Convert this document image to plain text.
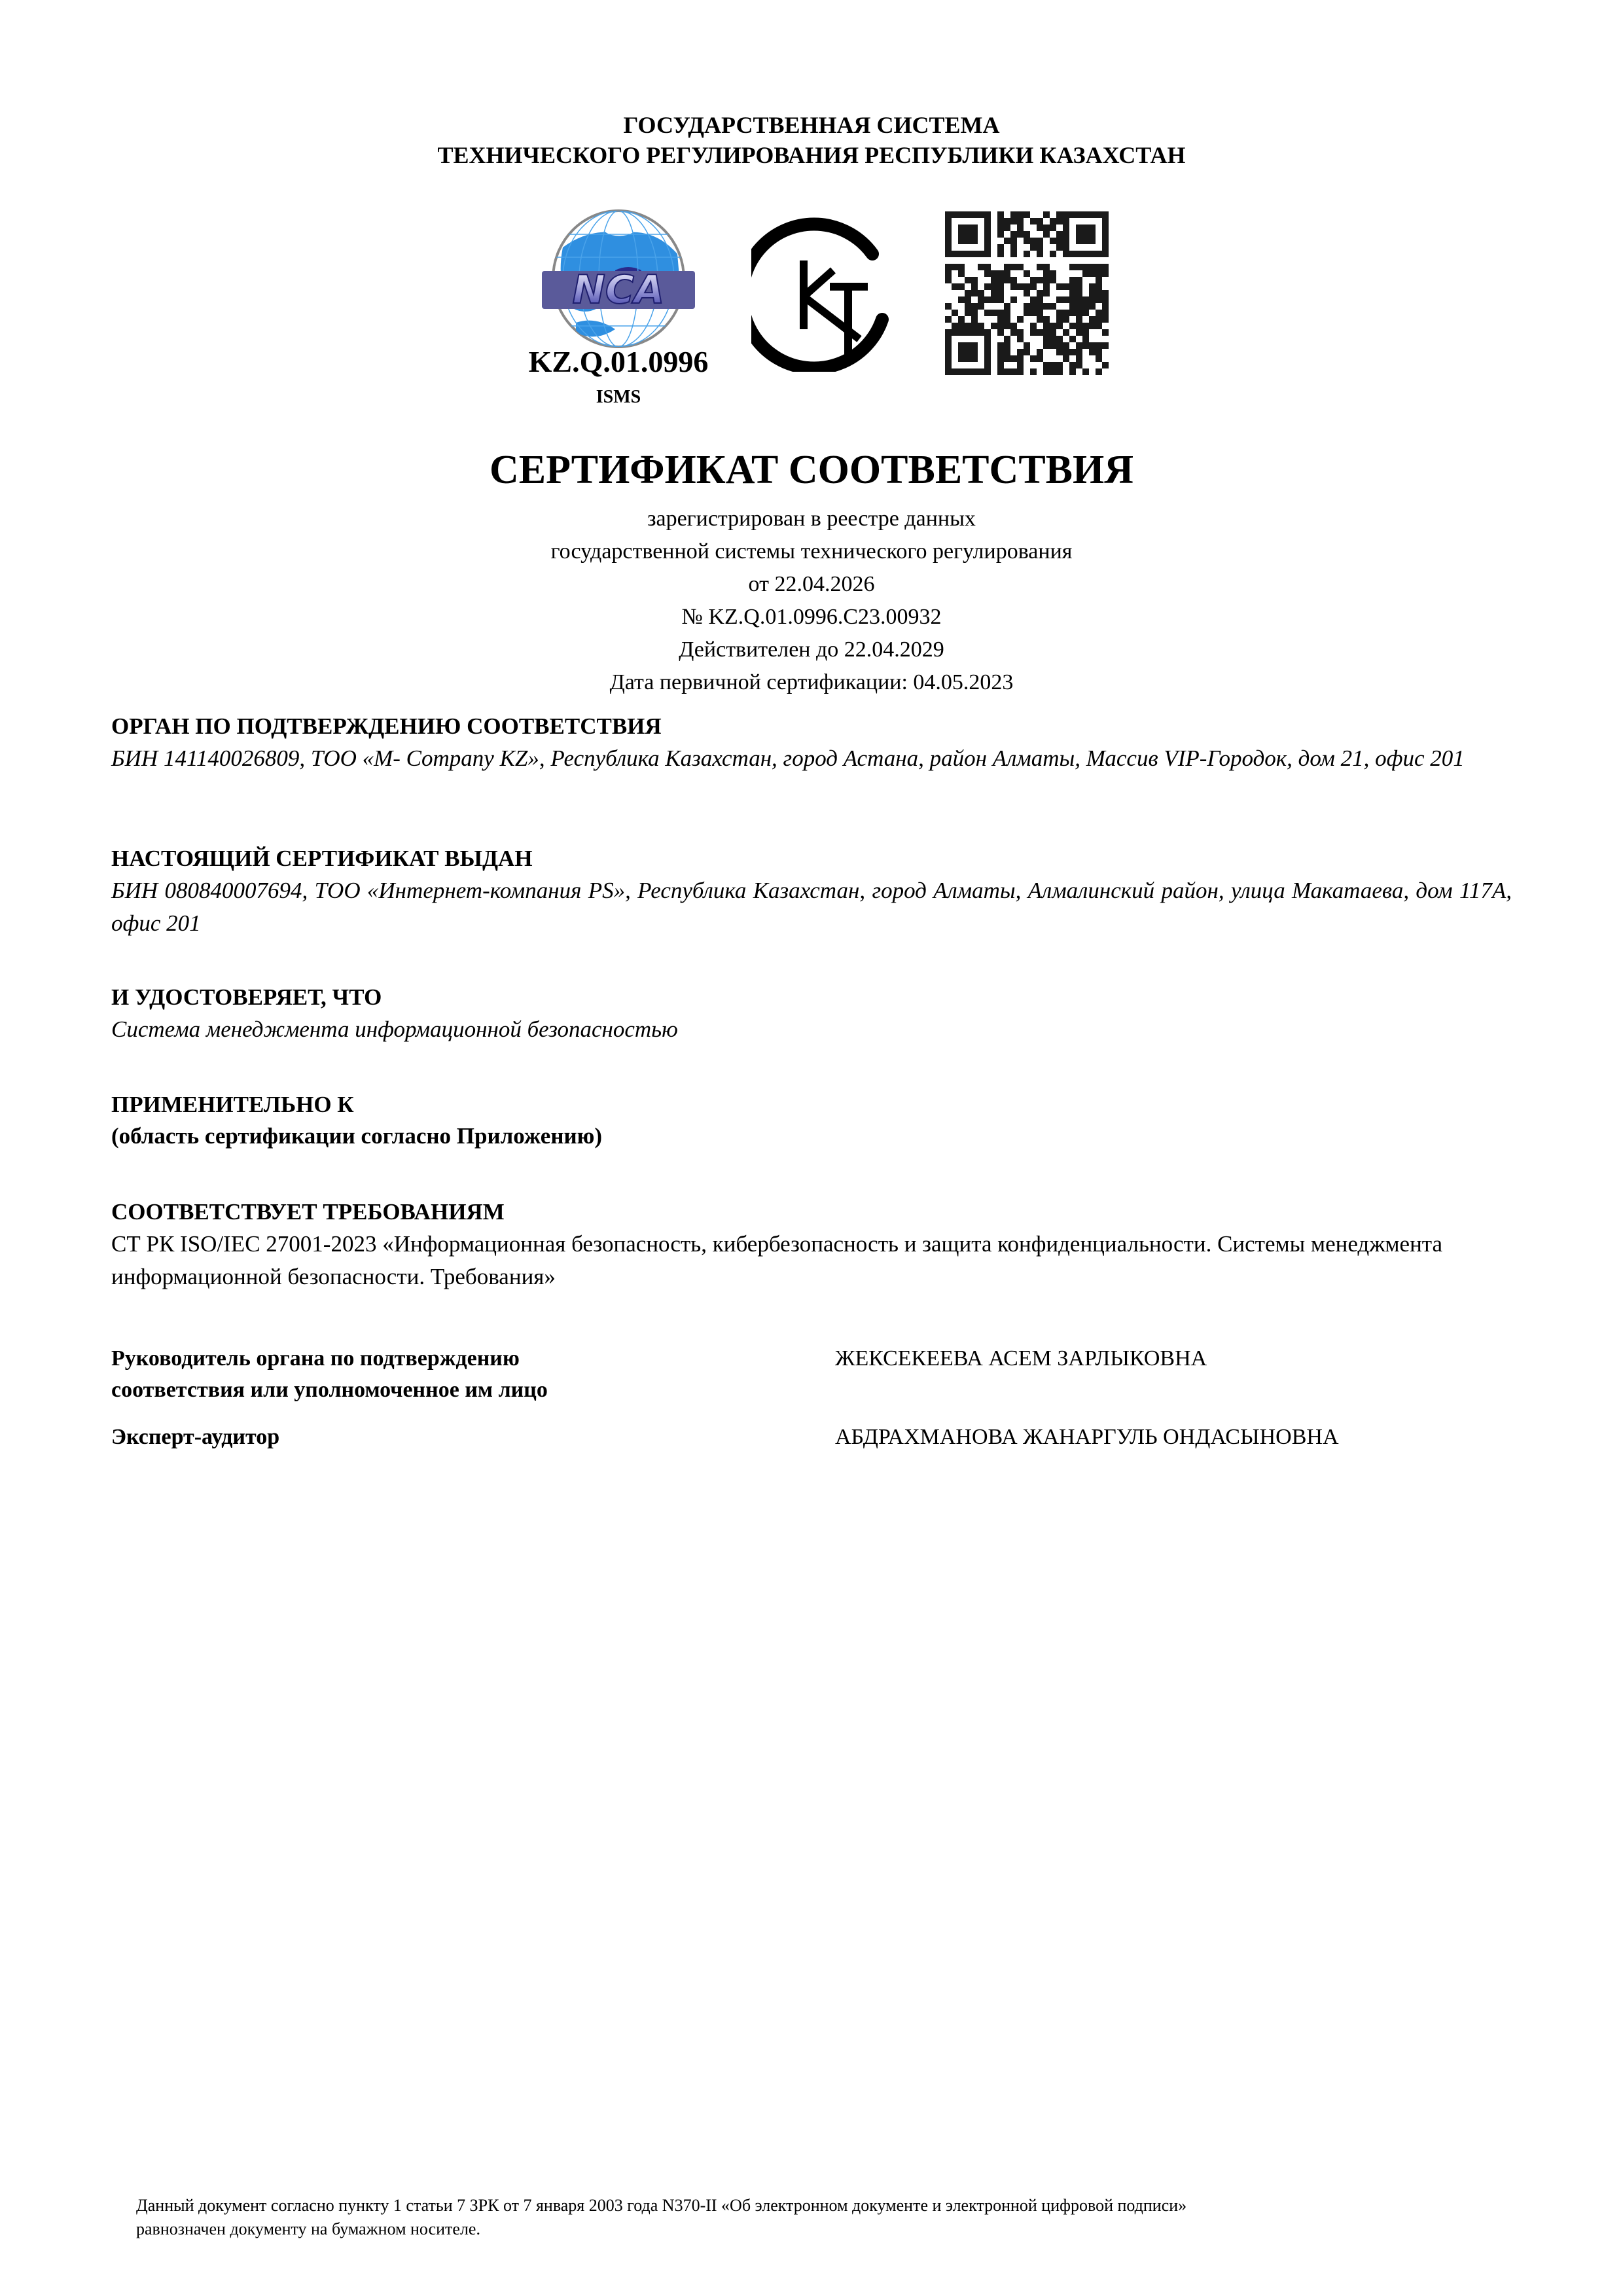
ГОСУДАРСТВЕННАЯ СИСТЕМА
ТЕХНИЧЕСКОГО РЕГУЛИРОВАНИЯ РЕСПУБЛИКИ КАЗАХСТАН
NCA
KZ.Q.01.0996
ISMS
СЕРТИФИКАТ СООТВЕТСТВИЯ
зарегистрирован в реестре данных
государственной системы технического регулирования
от 22.04.2026
№ KZ.Q.01.0996.С23.00932
Действителен до 22.04.2029
Дата первичной сертификации: 04.05.2023
ОРГАН ПО ПОДТВЕРЖДЕНИЮ СООТВЕТСТВИЯ
БИН 141140026809, ТОО «M- Company KZ», Республика Казахстан, город Астана, район Алматы, Массив VIP-Городок, дом 21, офис 201
НАСТОЯЩИЙ СЕРТИФИКАТ ВЫДАН
БИН 080840007694, ТОО «Интернет-компания PS», Республика Казахстан, город Алматы, Алмалинский район, улица Макатаева, дом 117А, офис 201
И УДОСТОВЕРЯЕТ, ЧТО
Система менеджмента информационной безопасностью
ПРИМЕНИТЕЛЬНО К
(область сертификации согласно Приложению)
СООТВЕТСТВУЕТ ТРЕБОВАНИЯМ
СТ РК ISO/IEC 27001-2023 «Информационная безопасность, кибербезопасность и защита конфиденциальности. Системы менеджмента информационной безопасности. Требования»
Руководитель органа по подтверждению
соответствия или уполномоченное им лицо
ЖЕКСЕКЕЕВА АСЕМ ЗАРЛЫКОВНА
Эксперт-аудитор	АБДРАХМАНОВА ЖАНАРГУЛЬ ОНДАСЫНОВНА
Данный документ согласно пункту 1 статьи 7 ЗРК от 7 января 2003 года N370-II «Об электронном документе и электронной цифровой подписи»
равнозначен документу на бумажном носителе.
